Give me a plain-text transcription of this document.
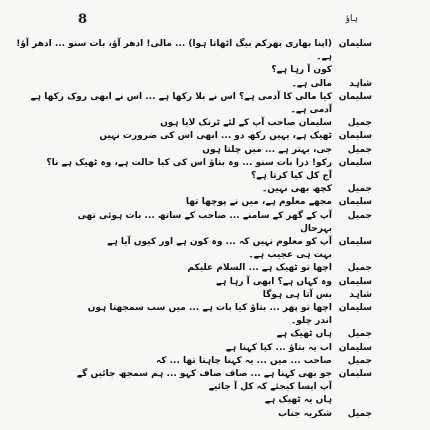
8	ہاؤ
سلیمان
(اپنا بھاری بھرکم بیگ اٹھاتا ہوا) ... مالی! ادھر آؤ، بات سنو ... ادھر آؤ!
ہے۔
کون آ رہا ہے؟
شاہد
مالی ہے۔
سلیمان
کیا مالی کا آدمی ہے؟ اس نے بلا رکھا ہے ... اس نے ابھی روک رکھا ہے
آدمی ہے۔
جمیل
سلیمان صاحب آپ کے لئے ٹرنک لایا ہوں
سلیمان
ٹھیک ہے، یہیں رکھ دو ... ابھی اس کی ضرورت نہیں
جمیل
جی، بہتر ہے ... میں چلتا ہوں
سلیمان
رکو! ذرا بات سنو ... وہ بتاؤ اس کی کیا حالت ہے، وہ ٹھیک ہے نا؟
آج کل کیا کرتا ہے؟
جمیل
کچھ بھی نہیں۔
سلیمان
مجھے معلوم ہے، میں نے پوچھا تھا
جمیل
آپ کے گھر کے سامنے ... صاحب کے ساتھ ... بات ہوئی تھی
بہرحال
سلیمان
آپ کو معلوم نہیں کہ ... وہ کون ہے اور کیوں آیا ہے
بہت ہی عجیب ہے۔
جمیل
اچھا تو ٹھیک ہے ... السلام علیکم
سلیمان
وہ کہاں ہے؟ ابھی آ رہا ہے
شاہد
بس آتا ہی ہوگا
سلیمان
اچھا تو پھر ... بتاؤ کیا بات ہے ... میں سب سمجھتا ہوں
اندر چلو۔
جمیل
ہاں ٹھیک ہے
سلیمان
اب یہ بتاؤ ... کیا کہنا ہے
جمیل
صاحب ... میں ... یہ کہنا چاہتا تھا ... کہ
سلیمان
جو بھی کہنا ہے ... صاف صاف کہو ... ہم سمجھ جائیں گے
آپ ایسا کیجئے کہ کل آ جائیے
ہاں یہ ٹھیک ہے
جمیل
شکریہ جناب
